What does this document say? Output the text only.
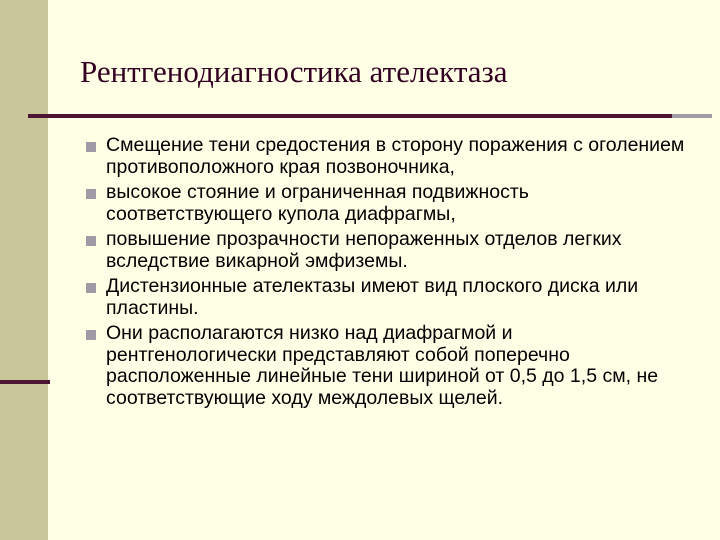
Рентгенодиагностика ателектаза
Смещение тени средостения в сторону поражения с оголением противоположного края позвоночника,
высокое стояние и ограниченная подвижность соответствующего купола диафрагмы,
повышение прозрачности непораженных отделов легких вследствие викарной эмфиземы.
Дистензионные ателектазы имеют вид плоского диска или пластины.
Они располагаются низко над диафрагмой и рентгенологически представляют собой поперечно расположенные линейные тени шириной от 0,5 до 1,5 см, не соответствующие ходу междолевых щелей.
